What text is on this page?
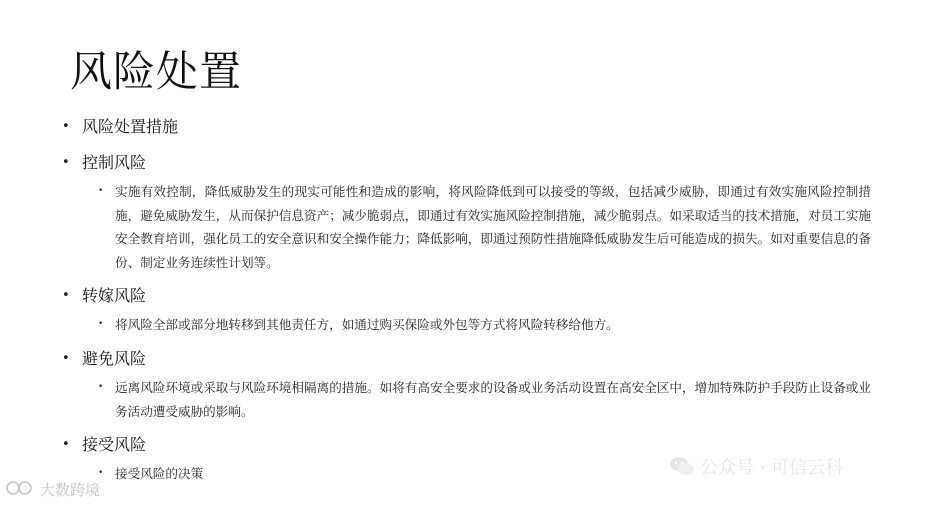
风险处置
• 风险处置措施
• 控制风险
• 实施有效控制，降低威胁发生的现实可能性和造成的影响，将风险降低到可以接受的等级，包括减少威胁，即通过有效实施风险控制措施，避免威胁发生，从而保护信息资产；减少脆弱点，即通过有效实施风险控制措施，减少脆弱点。如采取适当的技术措施，对员工实施安全教育培训，强化员工的安全意识和安全操作能力；降低影响，即通过预防性措施降低威胁发生后可能造成的损失。如对重要信息的备份、制定业务连续性计划等。
• 转嫁风险
• 将风险全部或部分地转移到其他责任方，如通过购买保险或外包等方式将风险转移给他方。
• 避免风险
• 远离风险环境或采取与风险环境相隔离的措施。如将有高安全要求的设备或业务活动设置在高安全区中，增加特殊防护手段防止设备或业务活动遭受威胁的影响。
• 接受风险
• 接受风险的决策
大数跨境
公众号 · 可信云科
